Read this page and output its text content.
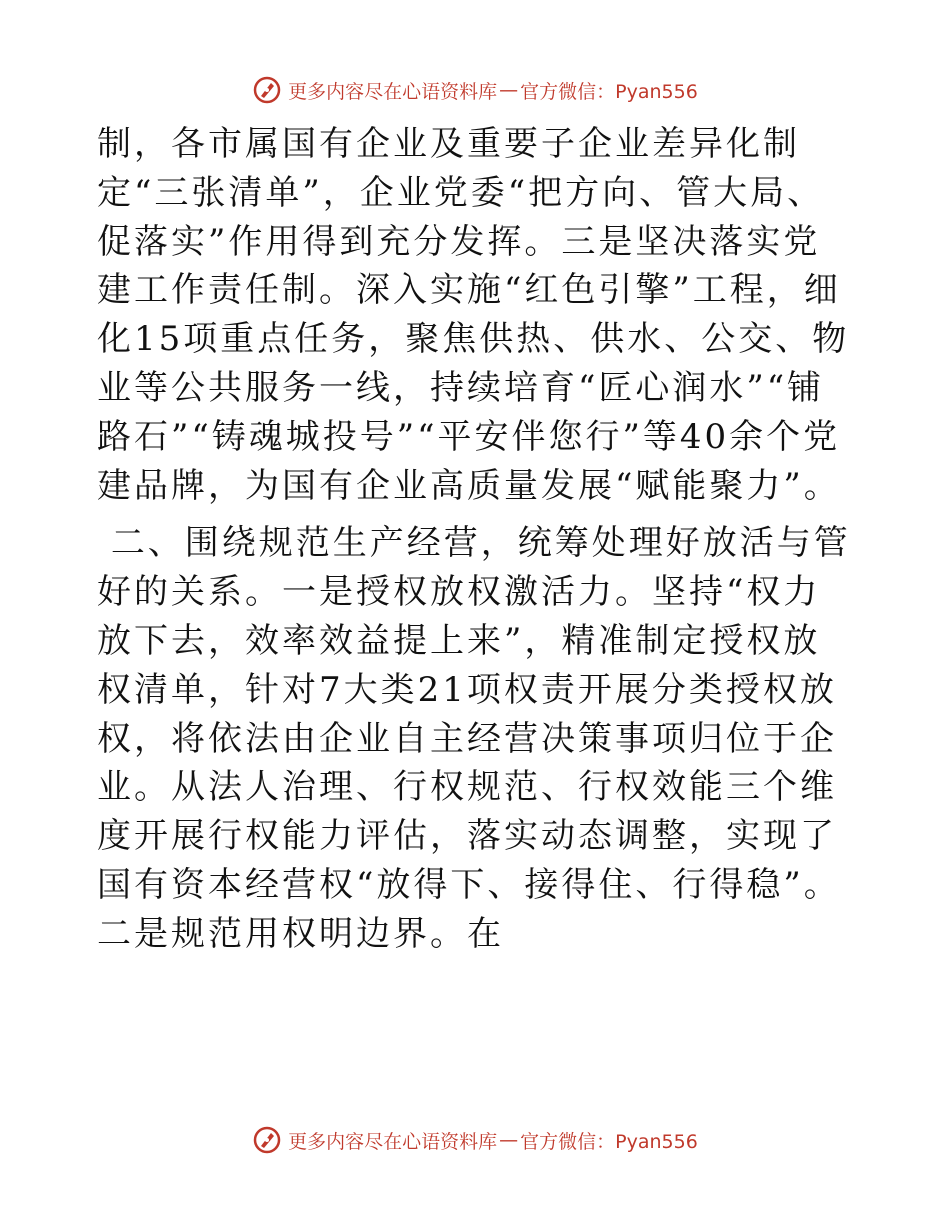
更多内容尽在心语资料库 — 官方微信：Pyan556

制，各市属国有企业及重要子企业差异化制定“三张清单”，企业党委“把方向、管大局、促落实”作用得到充分发挥。三是坚决落实党建工作责任制。深入实施“红色引擎”工程，细化15项重点任务，聚焦供热、供水、公交、物业等公共服务一线，持续培育“匠心润水”“铺路石”“铸魂城投号”“平安伴您行”等40余个党建品牌，为国有企业高质量发展“赋能聚力”。

二、围绕规范生产经营，统筹处理好放活与管好的关系。一是授权放权激活力。坚持“权力放下去，效率效益提上来”，精准制定授权放权清单，针对7大类21项权责开展分类授权放权，将依法由企业自主经营决策事项归位于企业。从法人治理、行权规范、行权效能三个维度开展行权能力评估，落实动态调整，实现了国有资本经营权“放得下、接得住、行得稳”。二是规范用权明边界。在

更多内容尽在心语资料库 — 官方微信：Pyan556
